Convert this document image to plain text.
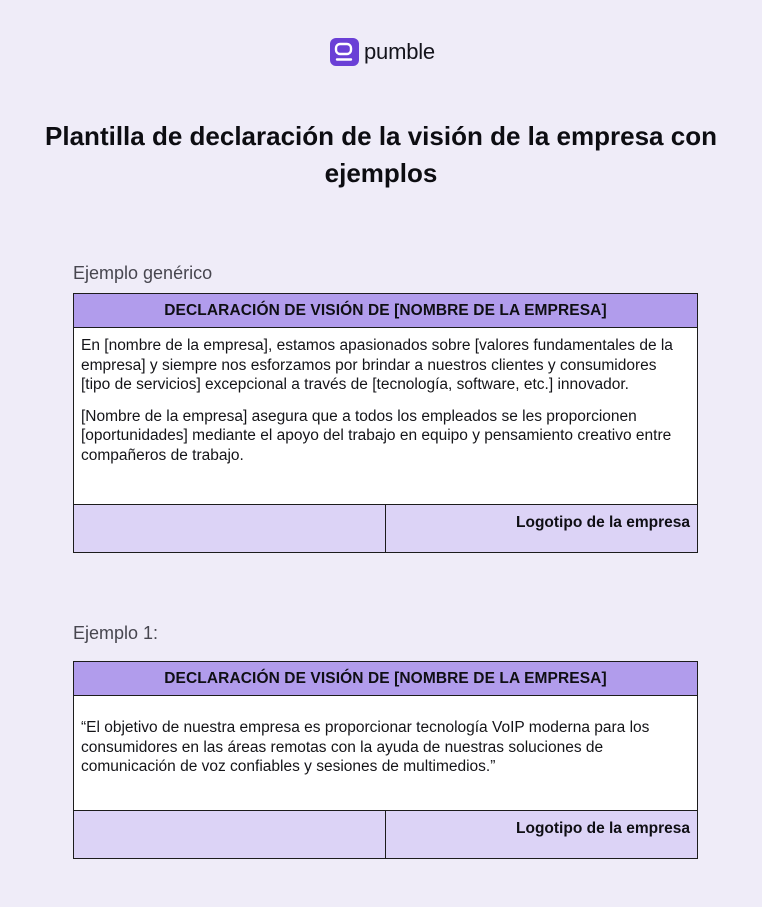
pumble
Plantilla de declaración de la visión de la empresa con ejemplos
Ejemplo genérico
DECLARACIÓN DE VISIÓN DE [NOMBRE DE LA EMPRESA]

En [nombre de la empresa], estamos apasionados sobre [valores fundamentales de la empresa] y siempre nos esforzamos por brindar a nuestros clientes y consumidores [tipo de servicios] excepcional a través de [tecnología, software, etc.] innovador.

[Nombre de la empresa] asegura que a todos los empleados se les proporcionen [oportunidades] mediante el apoyo del trabajo en equipo y pensamiento creativo entre compañeros de trabajo.

Logotipo de la empresa
Ejemplo 1:
DECLARACIÓN DE VISIÓN DE [NOMBRE DE LA EMPRESA]

“El objetivo de nuestra empresa es proporcionar tecnología VoIP moderna para los consumidores en las áreas remotas con la ayuda de nuestras soluciones de comunicación de voz confiables y sesiones de multimedios.”

Logotipo de la empresa
